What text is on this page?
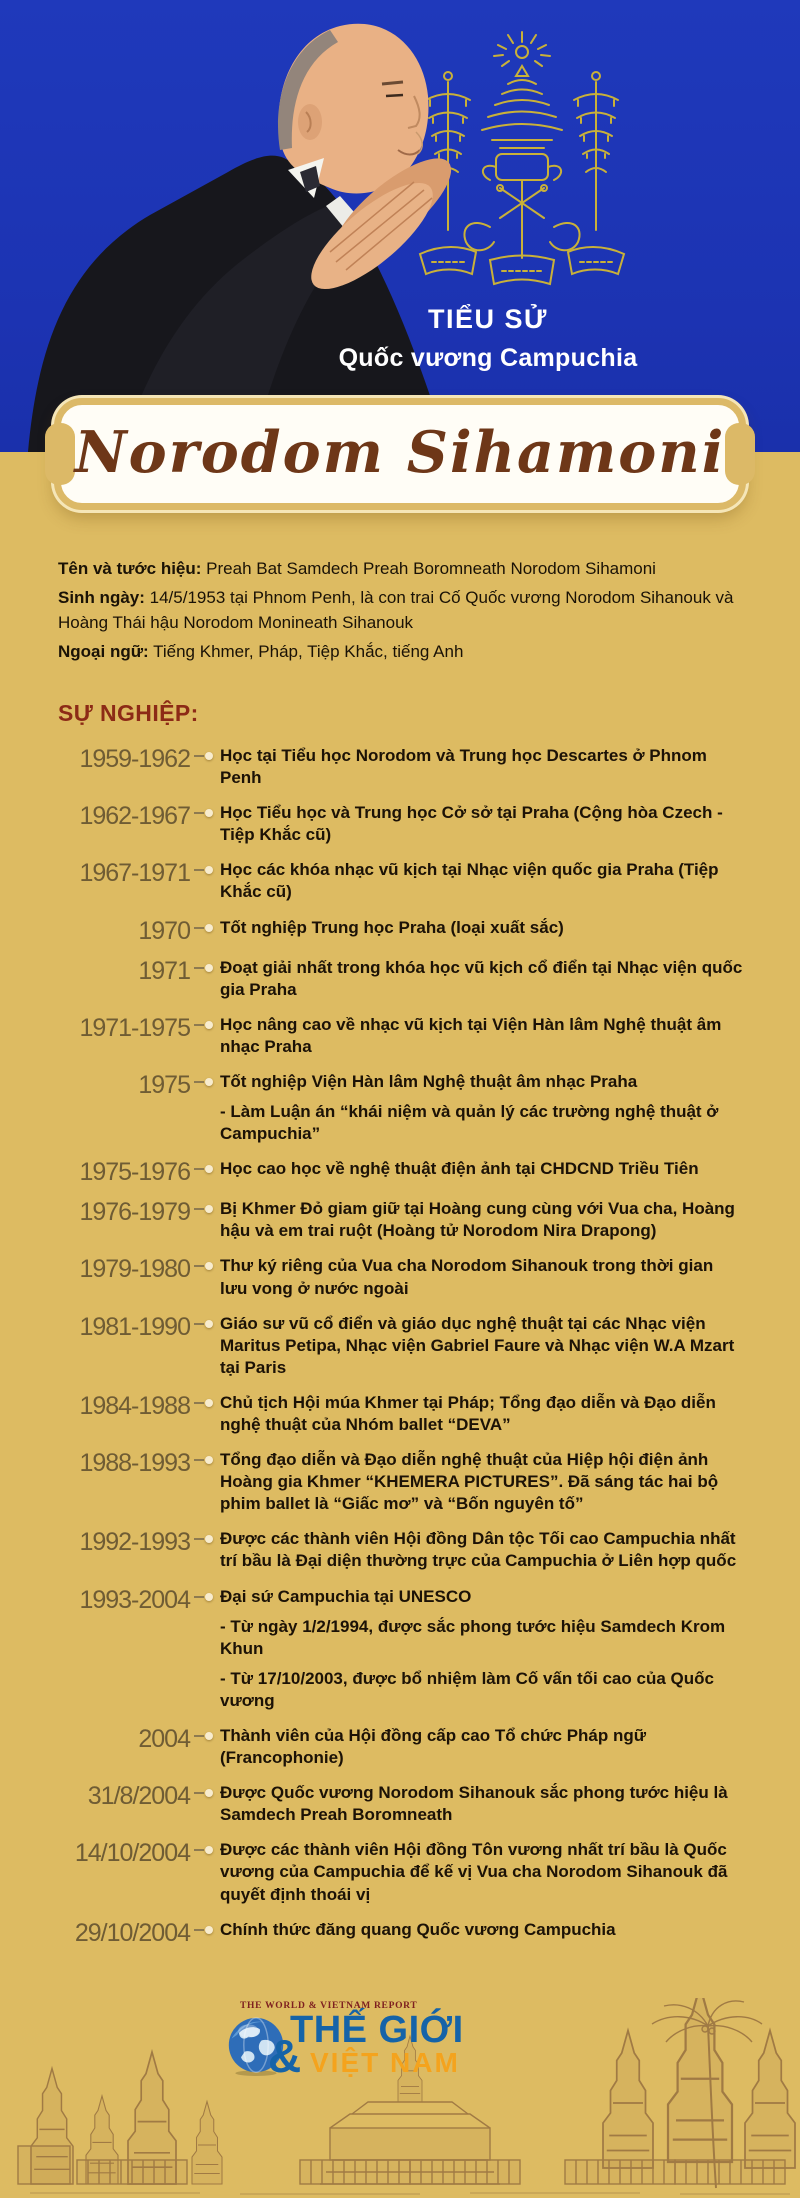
TIỂU SỬ
Quốc vương Campuchia
Norodom Sihamoni

Tên và tước hiệu: Preah Bat Samdech Preah Boromneath Norodom Sihamoni

Sinh ngày: 14/5/1953 tại Phnom Penh, là con trai Cố Quốc vương Norodom Sihanouk và Hoàng Thái hậu Norodom Monineath Sihanouk

Ngoại ngữ: Tiếng Khmer, Pháp, Tiệp Khắc, tiếng Anh

SỰ NGHIỆP:
1959-1962 Học tại Tiểu học Norodom và Trung học Descartes ở Phnom Penh
1962-1967 Học Tiểu học và Trung học Cở sở tại Praha (Cộng hòa Czech - Tiệp Khắc cũ)
1967-1971 Học các khóa nhạc vũ kịch tại Nhạc viện quốc gia Praha (Tiệp Khắc cũ)
1970 Tốt nghiệp Trung học Praha (loại xuất sắc)
1971 Đoạt giải nhất trong khóa học vũ kịch cổ điển tại Nhạc viện quốc gia Praha
1971-1975 Học nâng cao về nhạc vũ kịch tại Viện Hàn lâm Nghệ thuật âm nhạc Praha
1975 Tốt nghiệp Viện Hàn lâm Nghệ thuật âm nhạc Praha
- Làm Luận án “khái niệm và quản lý các trường nghệ thuật ở Campuchia”
1975-1976 Học cao học về nghệ thuật điện ảnh tại CHDCND Triều Tiên
1976-1979 Bị Khmer Đỏ giam giữ tại Hoàng cung cùng với Vua cha, Hoàng hậu và em trai ruột (Hoàng tử Norodom Nira Drapong)
1979-1980 Thư ký riêng của Vua cha Norodom Sihanouk trong thời gian lưu vong ở nước ngoài
1981-1990 Giáo sư vũ cổ điển và giáo dục nghệ thuật tại các Nhạc viện Maritus Petipa, Nhạc viện Gabriel Faure và Nhạc viện W.A Mzart tại Paris
1984-1988 Chủ tịch Hội múa Khmer tại Pháp; Tổng đạo diễn và Đạo diễn nghệ thuật của Nhóm ballet “DEVA”
1988-1993 Tổng đạo diễn và Đạo diễn nghệ thuật của Hiệp hội điện ảnh Hoàng gia Khmer “KHEMERA PICTURES”. Đã sáng tác hai bộ phim ballet là “Giấc mơ” và “Bốn nguyên tố”
1992-1993 Được các thành viên Hội đồng Dân tộc Tối cao Campuchia nhất trí bầu là Đại diện thường trực của Campuchia ở Liên hợp quốc
1993-2004 Đại sứ Campuchia tại UNESCO
- Từ ngày 1/2/1994, được sắc phong tước hiệu Samdech Krom Khun
- Từ 17/10/2003, được bổ nhiệm làm Cố vấn tối cao của Quốc vương
2004 Thành viên của Hội đồng cấp cao Tổ chức Pháp ngữ (Francophonie)
31/8/2004 Được Quốc vương Norodom Sihanouk sắc phong tước hiệu là Samdech Preah Boromneath
14/10/2004 Được các thành viên Hội đồng Tôn vương nhất trí bầu là Quốc vương của Campuchia để kế vị Vua cha Norodom Sihanouk đã quyết định thoái vị
29/10/2004 Chính thức đăng quang Quốc vương Campuchia
THE WORLD & VIETNAM REPORT
&
THẾ GIỚI
VIỆT NAM
